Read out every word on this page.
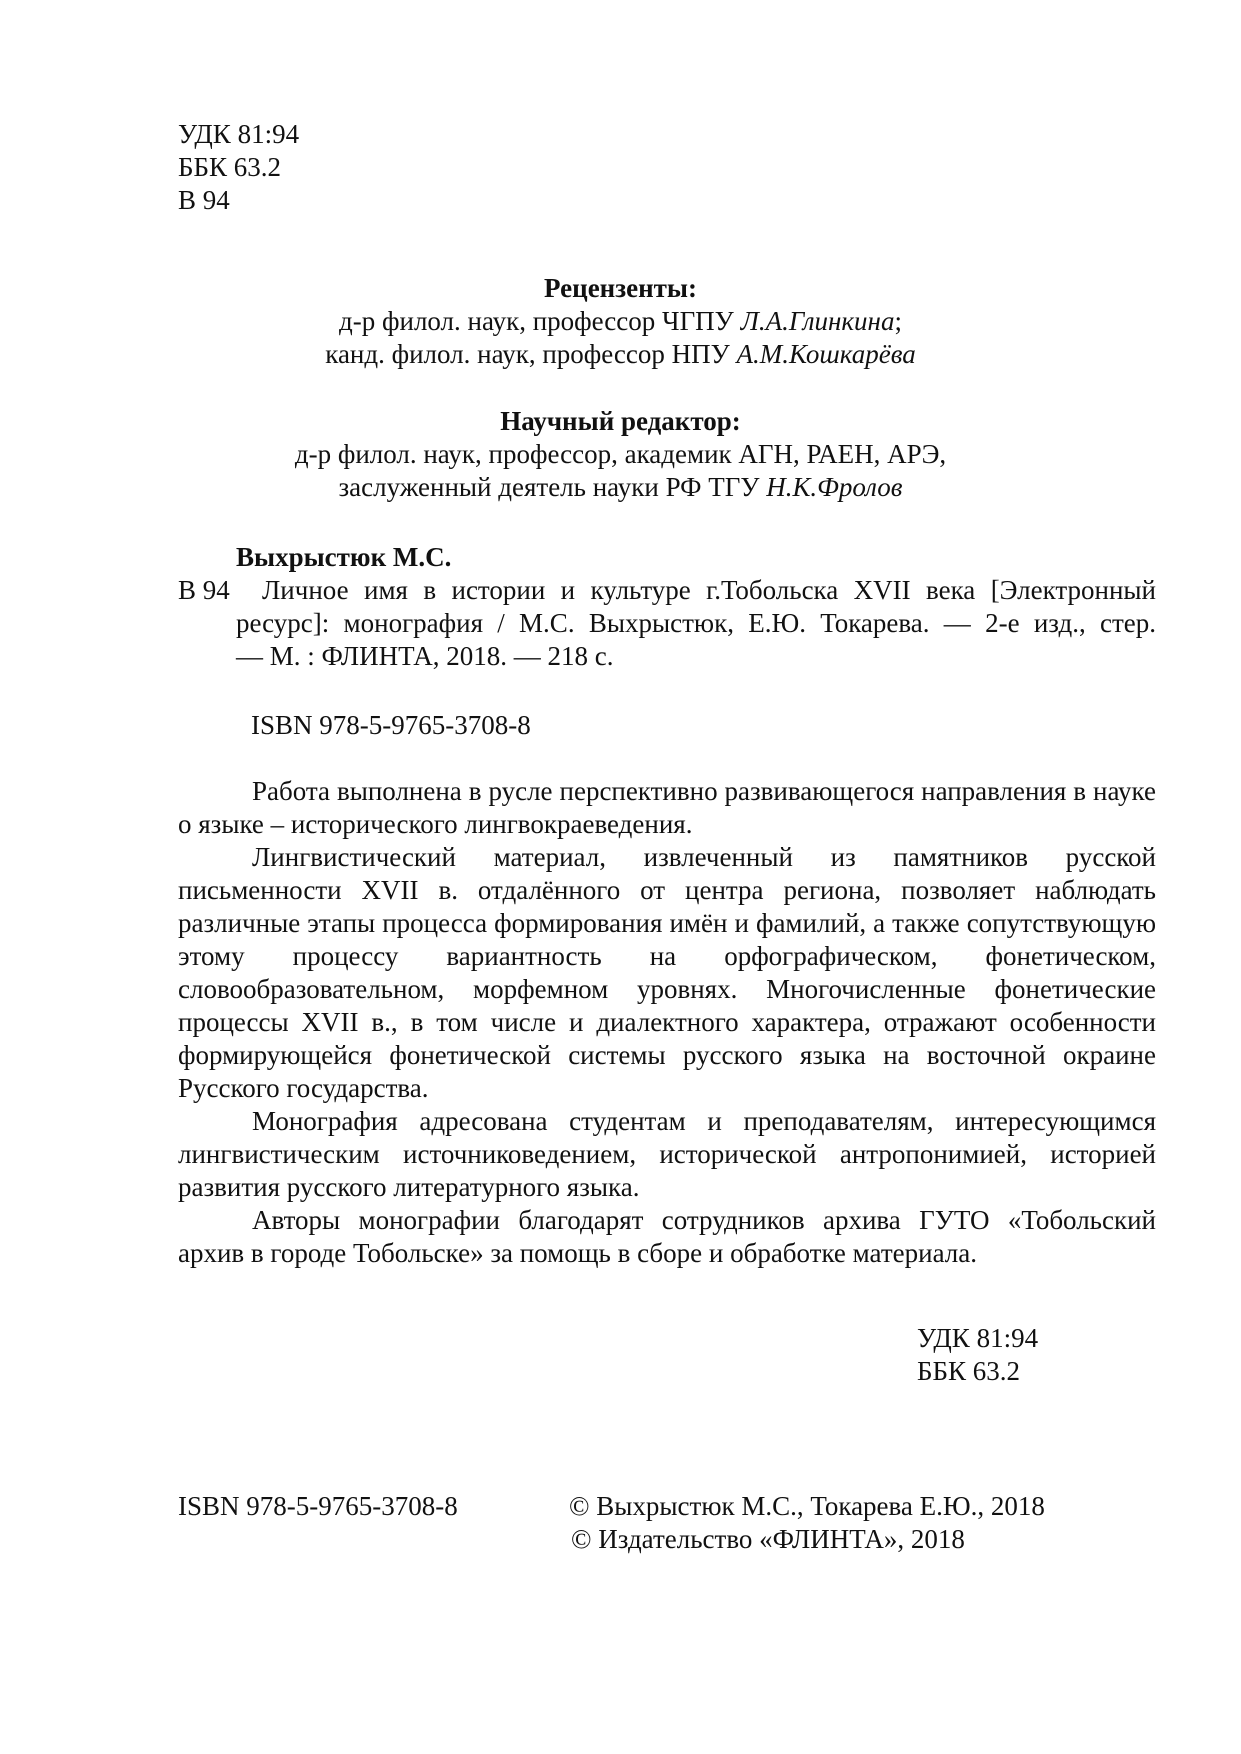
УДК 81:94
ББК 63.2
В 94
Рецензенты:
д-р филол. наук, профессор ЧГПУ Л.А.Глинкина;
канд. филол. наук, профессор НПУ А.М.Кошкарёва
Научный редактор:
д-р филол. наук, профессор, академик АГН, РАЕН, АРЭ,
заслуженный деятель науки РФ ТГУ Н.К.Фролов
Выхрыстюк М.С.
В 94 Личное имя в истории и культуре г.Тобольска XVII века [Электронный
ресурс]: монография / М.С. Выхрыстюк, Е.Ю. Токарева. — 2-е изд., стер.
— М. : ФЛИНТА, 2018. — 218 с.
ISBN 978-5-9765-3708-8

Работа выполнена в русле перспективно развивающегося направления в науке о языке – исторического лингвокраеведения.

Лингвистический материал, извлеченный из памятников русской письменности XVII в. отдалённого от центра региона, позволяет наблюдать различные этапы процесса формирования имён и фамилий, а также сопутствующую этому процессу вариантность на орфографическом, фонетическом, словообразовательном, морфемном уровнях. Многочисленные фонетические процессы XVII в., в том числе и диалектного характера, отражают особенности формирующейся фонетической системы русского языка на восточной окраине Русского государства.

Монография адресована студентам и преподавателям, интересующимся лингвистическим источниковедением, исторической антропонимией, историей развития русского литературного языка.

Авторы монографии благодарят сотрудников архива ГУТО «Тобольский архив в городе Тобольске» за помощь в сборе и обработке материала.

УДК 81:94
ББК 63.2
ISBN 978-5-9765-3708-8	© Выхрыстюк М.С., Токарева Е.Ю., 2018
© Издательство «ФЛИНТА», 2018
